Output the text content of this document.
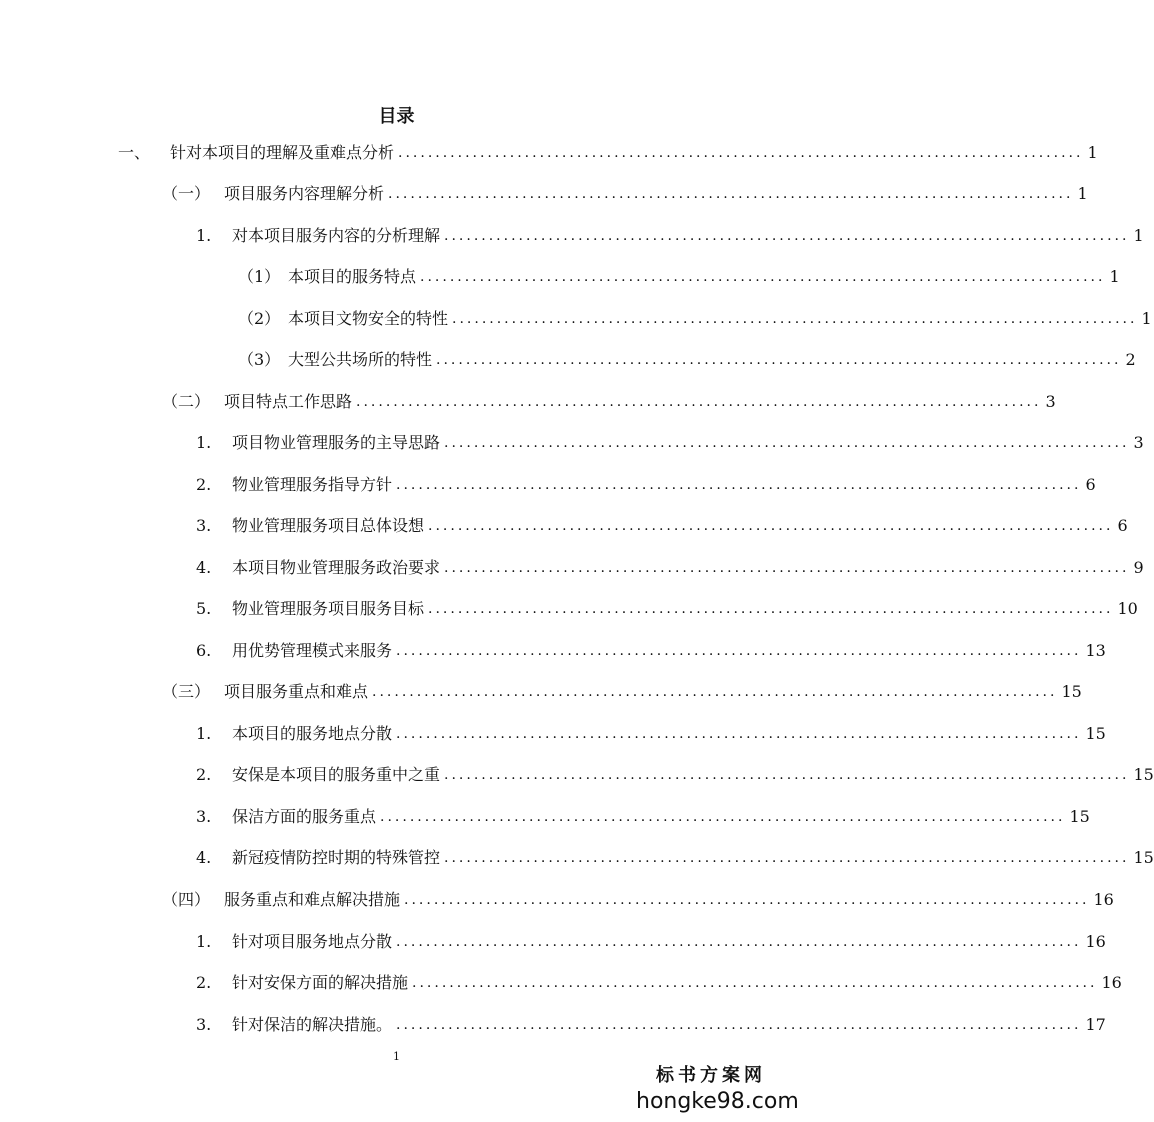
目录
一、	针对本项目的理解及重难点分析 ............................................................................................ 1
（一） 项目服务内容理解分析 ............................................................................................ 1
1.	对本项目服务内容的分析理解 ............................................................................................ 1
（1） 本项目的服务特点 ............................................................................................ 1
（2） 本项目文物安全的特性 ............................................................................................ 1
（3） 大型公共场所的特性 ............................................................................................ 2
（二） 项目特点工作思路 ............................................................................................ 3
1.	项目物业管理服务的主导思路 ............................................................................................ 3
2.	物业管理服务指导方针 ............................................................................................ 6
3.	物业管理服务项目总体设想 ............................................................................................ 6
4.	本项目物业管理服务政治要求 ............................................................................................ 9
5.	物业管理服务项目服务目标 ............................................................................................ 10
6.	用优势管理模式来服务 ............................................................................................ 13
（三） 项目服务重点和难点 ............................................................................................ 15
1.	本项目的服务地点分散 ............................................................................................ 15
2.	安保是本项目的服务重中之重 ............................................................................................ 15
3.	保洁方面的服务重点 ............................................................................................ 15
4.	新冠疫情防控时期的特殊管控 ............................................................................................ 15
（四） 服务重点和难点解决措施 ............................................................................................ 16
1.	针对项目服务地点分散 ............................................................................................ 16
2.	针对安保方面的解决措施 ............................................................................................ 16
3.	针对保洁的解决措施。 ............................................................................................ 17
1
标书方案网
hongke98.com
